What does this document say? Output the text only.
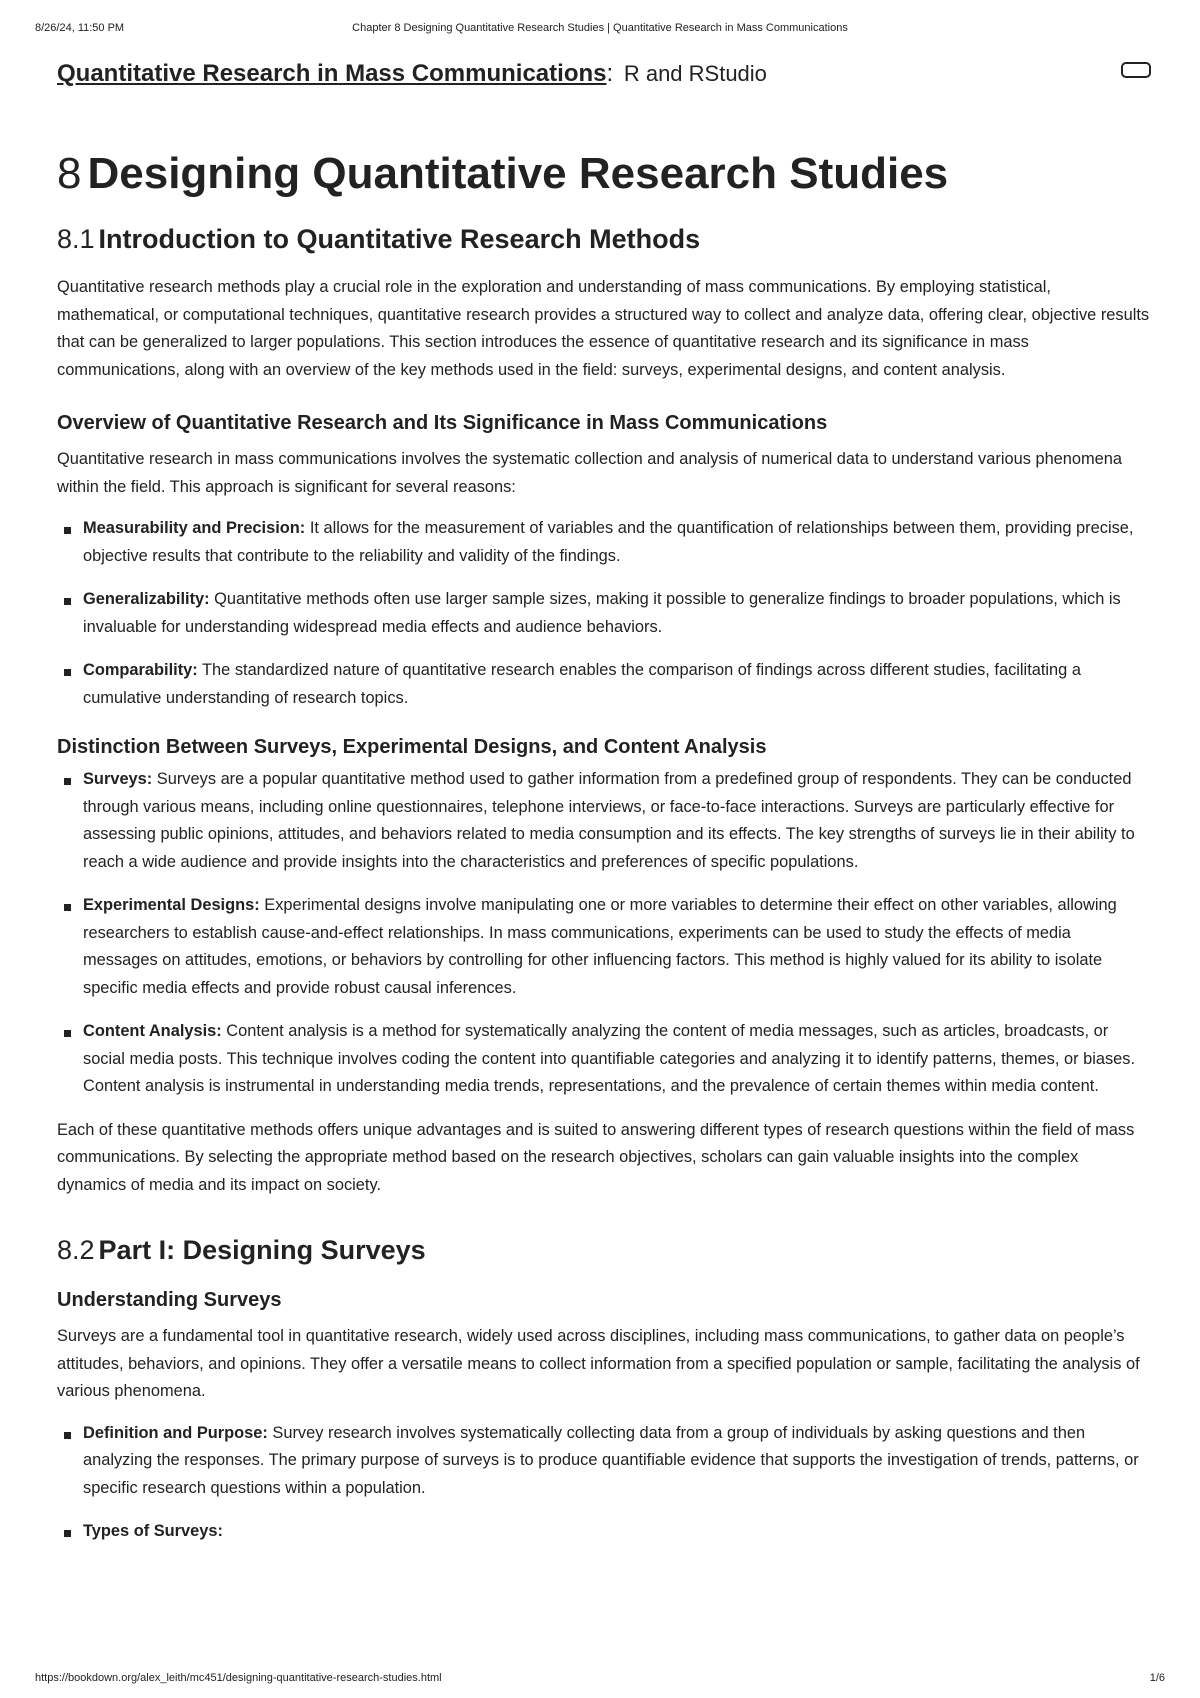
8/26/24, 11:50 PM	Chapter 8 Designing Quantitative Research Studies | Quantitative Research in Mass Communications
Quantitative Research in Mass Communications: R and RStudio
8 Designing Quantitative Research Studies
8.1 Introduction to Quantitative Research Methods

Quantitative research methods play a crucial role in the exploration and understanding of mass communications. By employing statistical, mathematical, or computational techniques, quantitative research provides a structured way to collect and analyze data, offering clear, objective results that can be generalized to larger populations. This section introduces the essence of quantitative research and its significance in mass communications, along with an overview of the key methods used in the field: surveys, experimental designs, and content analysis.

Overview of Quantitative Research and Its Significance in Mass Communications

Quantitative research in mass communications involves the systematic collection and analysis of numerical data to understand various phenomena within the field. This approach is significant for several reasons:

Measurability and Precision: It allows for the measurement of variables and the quantification of relationships between them, providing precise, objective results that contribute to the reliability and validity of the findings.
Generalizability: Quantitative methods often use larger sample sizes, making it possible to generalize findings to broader populations, which is invaluable for understanding widespread media effects and audience behaviors.
Comparability: The standardized nature of quantitative research enables the comparison of findings across different studies, facilitating a cumulative understanding of research topics.
Distinction Between Surveys, Experimental Designs, and Content Analysis
Surveys: Surveys are a popular quantitative method used to gather information from a predefined group of respondents. They can be conducted through various means, including online questionnaires, telephone interviews, or face-to-face interactions. Surveys are particularly effective for assessing public opinions, attitudes, and behaviors related to media consumption and its effects. The key strengths of surveys lie in their ability to reach a wide audience and provide insights into the characteristics and preferences of specific populations.
Experimental Designs: Experimental designs involve manipulating one or more variables to determine their effect on other variables, allowing researchers to establish cause-and-effect relationships. In mass communications, experiments can be used to study the effects of media messages on attitudes, emotions, or behaviors by controlling for other influencing factors. This method is highly valued for its ability to isolate specific media effects and provide robust causal inferences.
Content Analysis: Content analysis is a method for systematically analyzing the content of media messages, such as articles, broadcasts, or social media posts. This technique involves coding the content into quantifiable categories and analyzing it to identify patterns, themes, or biases. Content analysis is instrumental in understanding media trends, representations, and the prevalence of certain themes within media content.

Each of these quantitative methods offers unique advantages and is suited to answering different types of research questions within the field of mass communications. By selecting the appropriate method based on the research objectives, scholars can gain valuable insights into the complex dynamics of media and its impact on society.

8.2 Part I: Designing Surveys
Understanding Surveys

Surveys are a fundamental tool in quantitative research, widely used across disciplines, including mass communications, to gather data on people’s attitudes, behaviors, and opinions. They offer a versatile means to collect information from a specified population or sample, facilitating the analysis of various phenomena.

Definition and Purpose: Survey research involves systematically collecting data from a group of individuals by asking questions and then analyzing the responses. The primary purpose of surveys is to produce quantifiable evidence that supports the investigation of trends, patterns, or specific research questions within a population.
Types of Surveys:
https://bookdown.org/alex_leith/mc451/designing-quantitative-research-studies.html	1/6
